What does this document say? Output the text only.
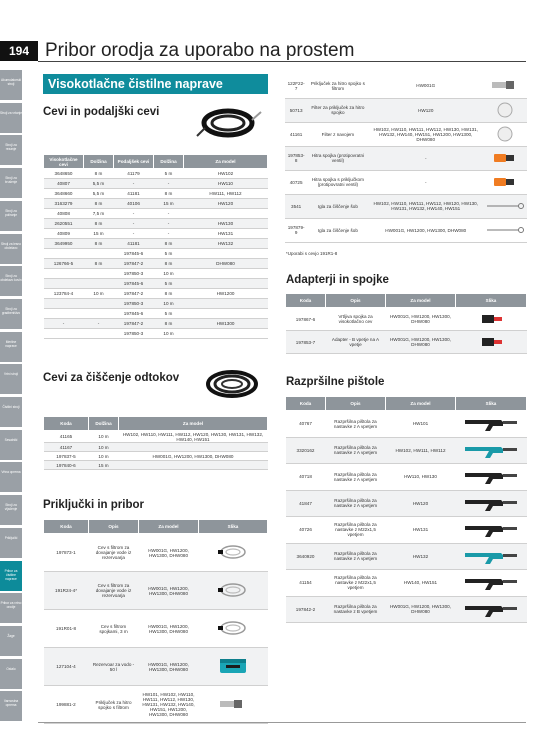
194 Pribor orodja za uporabo na prostem
Akumulatorski stroji
Stroji za vrtanje
Stroji za rezanje
Stroji za brušenje
Stroji za poliranje
Stroji za lesno obdelavo
Stroji za obdelavo kovin
Stroji za gradbeništvo
Merilne naprave
Vrtni stroji
Čistilni stroji
Sesalniki
Vrtna oprema
Stroji za vijačenje
Priključki
Pribor za čistilne naprave
Pribor za vrtno orodje
Žage
Ostalo
Varnostna oprema
Visokotlačne čistilne naprave
Cevi in podaljški cevi
Visokotlačne cevi	Dolžina	Podaljšek cevi	Dolžina	Za model
3648650	8 m	41179	5 m	HW102
40807	5,5 m	-	-	HW110
3648660	5,5 m	41181	8 m	HW111, HW112
3163279	8 m	40106	15 m	HW120
40808	7,5 m	-	-	
2620551	8 m	-	-	HW130
40809	15 m	-	-	HW131
3649950	8 m	41181	8 m	HW132
		197845-6	5 m	
126766-5	8 m	197847-2	8 m	DHW080
		197850-3	10 m	
		197845-6	5 m	
123784-4	10 m	197847-2	8 m	HW1200
		197850-3	10 m	
		197845-6	5 m	
-	-	197847-2	8 m	HW1300
		197850-3	10 m	
Cevi za čiščenje odtokov
Koda	Dolžina	Za model
41165	10 m	HW102, HW110, HW111, HW112, HW120, HW130, HW131, HW132, HW140, HW151
41167	10 m	
197837-5	10 m	HW001G, HW1200, HW1300, DHW080
197840-6	15 m	
Priključki in pribor
Koda	Opis	Za model	Slika
197873-1	Cev s filtrom za dovajanje vode iz rezervoarja	HW001G, HW1200, HW1300, DHW080	
191R24-4*	Cev s filtrom za dovajanje vode iz rezervoarja	HW001G, HW1200, HW1300, DHW080	
191R01-8	Cev s filtrom spojkami, 3 m	HW001G, HW1200, HW1300, DHW080	
127104-4	Rezervoar za vodo - 50 l	HW001G, HW1200, HW1300, DHW080	
199881-2	Priključek za hitro spojko s filtrom	HW101, HW102, HW110, HW111, HW112, HW130, HW131, HW132, HW140, HW151, HW1200, HW1300, DHW080	
122F22-7	Priključek za hitro spojko s filtrom	HW001G	
50713	Filter za priključek za hitro spojko	HW120	
41161	Filter z navojem	HW102, HW110, HW111, HW112, HW130, HW131, HW132, HW140, HW151, HW1200, HW1300, DHW080	
197853-8	Hitra spojka (protipovratni ventil)	-	
40725	Hitra spojka s priključkom (protipovratni ventil)	-	
3541	Igla za čiščenje šob	HW102, HW110, HW111, HW112, HW120, HW130, HW131, HW132, HW140, HW151	
197879-9	Igla za čiščenje šob	HW001G, HW1200, HW1300, DHW080	
*Uporabi s cevjo 191R1-8
Adapterji in spojke
Koda	Opis	Za model	Slika
197867-6	Vrtljiva spojka za visokotlačno cev	HW001G, HW1200, HW1300, DHW080	
197853-7	Adapter - B vpetje na A vpetje	HW001G, HW1200, HW1300, DHW080	
Razpršilne pištole
Koda	Opis	Za model	Slika
40767	Razpršilna pištola za nastavke z A vpetjem	HW101	
3320162	Razpršilna pištola za nastavke z A vpetjem	HW102, HW111, HW112	
40718	Razpršilna pištola za nastavke z A vpetjem	HW110, HW130	
41847	Razpršilna pištola za nastavke z A vpetjem	HW120	
40726	Razpršilna pištola za nastavke z M22x1,5 vpetjem	HW131	
3640920	Razpršilna pištola za nastavke z A vpetjem	HW132	
41154	Razpršilna pištola za nastavke z M22x1,5 vpetjem	HW140, HW151	
197842-2	Razpršilna pištola za nastavke z B vpetjem	HW001G, HW1200, HW1300, DHW080	
